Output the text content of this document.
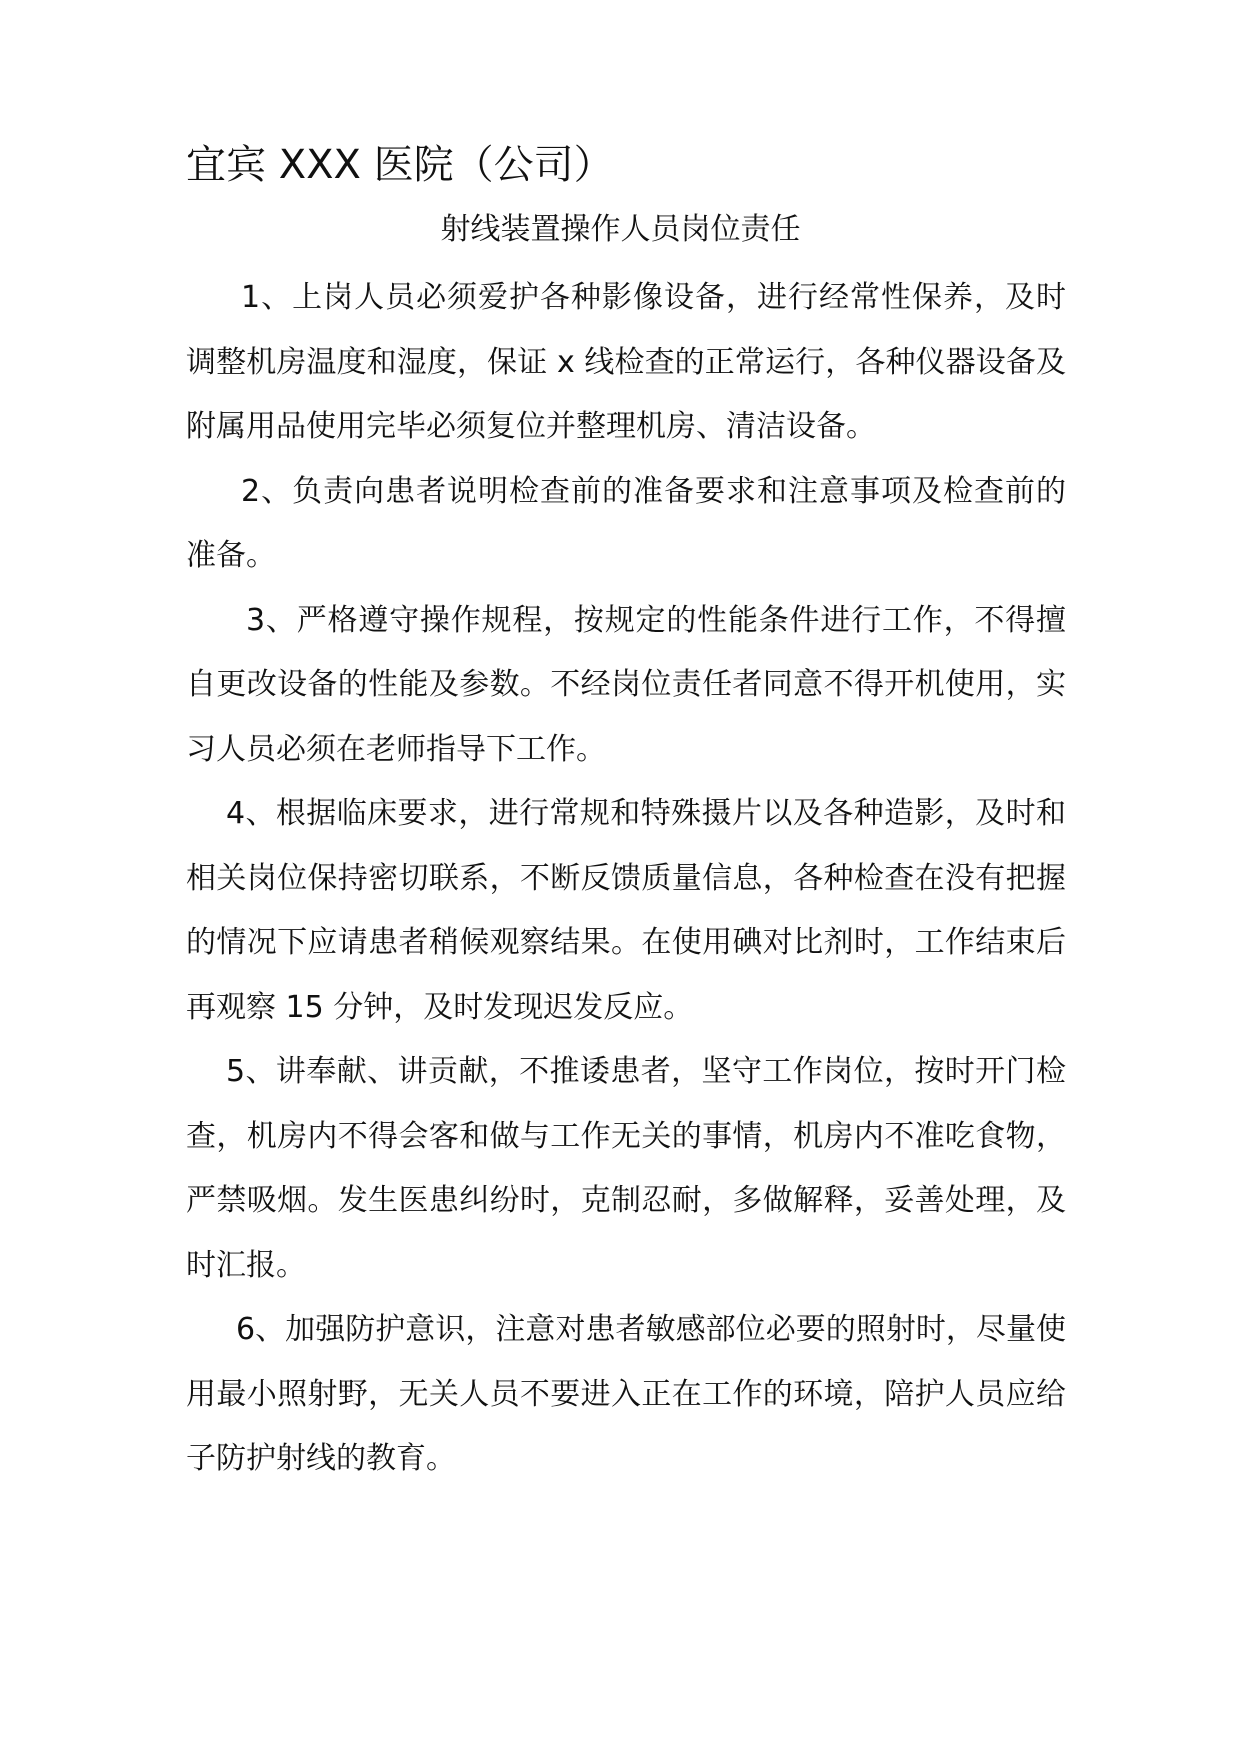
宜宾 XXX 医院（公司）
射线装置操作人员岗位责任

1、上岗人员必须爱护各种影像设备，进行经常性保养，及时调整机房温度和湿度，保证 x 线检查的正常运行，各种仪器设备及附属用品使用完毕必须复位并整理机房、清洁设备。

2、负责向患者说明检查前的准备要求和注意事项及检查前的准备。

3、严格遵守操作规程，按规定的性能条件进行工作，不得擅自更改设备的性能及参数。不经岗位责任者同意不得开机使用，实习人员必须在老师指导下工作。

4、根据临床要求，进行常规和特殊摄片以及各种造影，及时和相关岗位保持密切联系，不断反馈质量信息，各种检查在没有把握的情况下应请患者稍候观察结果。在使用碘对比剂时，工作结束后再观察 15 分钟，及时发现迟发反应。

5、讲奉献、讲贡献，不推诿患者，坚守工作岗位，按时开门检查，机房内不得会客和做与工作无关的事情，机房内不准吃食物，严禁吸烟。发生医患纠纷时，克制忍耐，多做解释，妥善处理，及时汇报。

6、加强防护意识，注意对患者敏感部位必要的照射时，尽量使用最小照射野，无关人员不要进入正在工作的环境，陪护人员应给子防护射线的教育。
